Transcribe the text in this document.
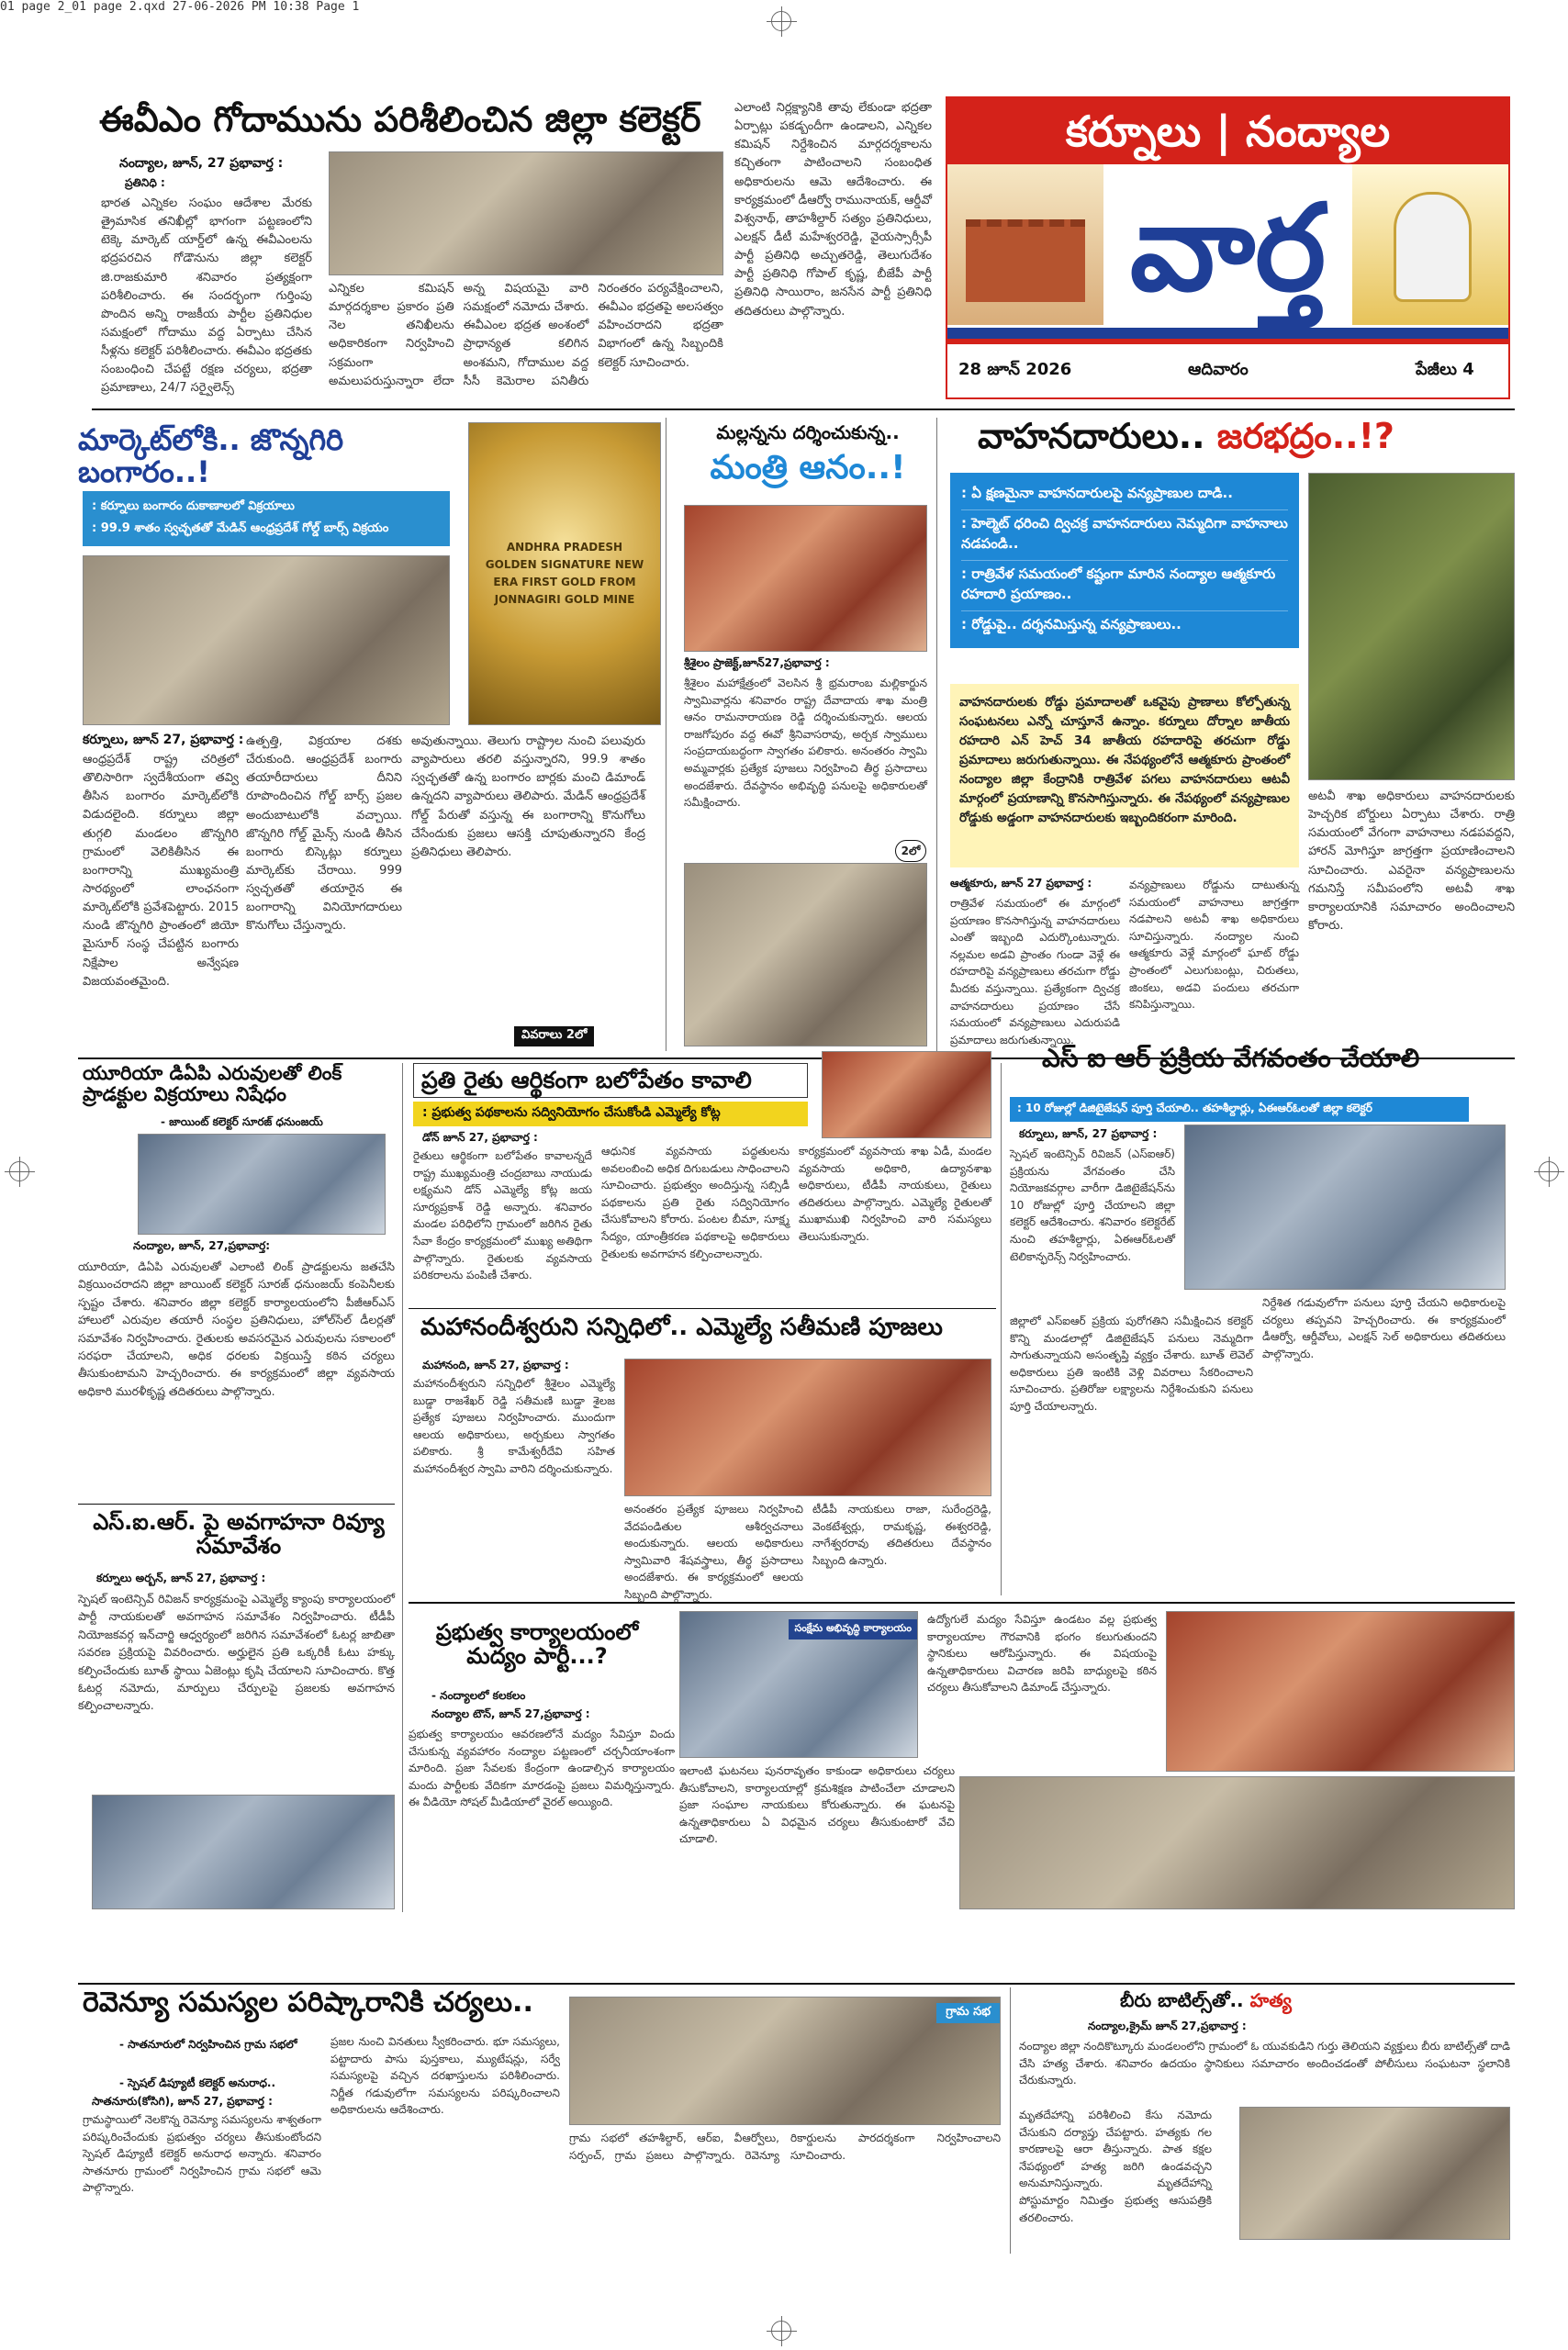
01 page 2_01 page 2.qxd 27-06-2026 PM 10:38 Page 1
కర్నూలు | నంద్యాల
వార్త
28 జూన్ 2026	ఆదివారం	పేజీలు 4
ఈవీఎం గోదామును పరిశీలించిన జిల్లా కలెక్టర్
నంద్యాల, జూన్, 27 ప్రభావార్త :
ప్రతినిధి :
భారత ఎన్నికల సంఘం ఆదేశాల మేరకు త్రైమాసిక తనిఖీల్లో భాగంగా పట్టణంలోని టెక్కె మార్కెట్ యార్డ్‌లో ఉన్న ఈవీఎంలను భద్రపరచిన గోడౌనును జిల్లా కలెక్టర్ జి.రాజకుమారి శనివారం ప్రత్యక్షంగా పరిశీలించారు. ఈ సందర్భంగా గుర్తింపు పొందిన అన్ని రాజకీయ పార్టీల ప్రతినిధుల సమక్షంలో గోదాము వద్ద ఏర్పాటు చేసిన సీళ్లను కలెక్టర్ పరిశీలించారు. ఈవీఎం భద్రతకు సంబంధించి చేపట్టే రక్షణ చర్యలు, భద్రతా ప్రమాణాలు, 24/7 సర్వైలెన్స్
ఎన్నికల కమిషన్ మార్గదర్శకాల ప్రకారం ప్రతి నెల తనిఖీలను అధికారికంగా నిర్వహించి సక్రమంగా అమలుపరుస్తున్నారా లేదా అన్న విషయమై వారి సమక్షంలో నమోదు చేశారు. ఈవీఎంల భద్రత అంశంలో ప్రాధాన్యత కలిగిన అంశమని, గోదాముల వద్ద సీసీ కెమెరాల పనితీరు నిరంతరం పర్యవేక్షించాలని, ఈవీఎం భద్రతపై అలసత్వం వహించరాదని భద్రతా విభాగంలో ఉన్న సిబ్బందికి కలెక్టర్ సూచించారు.
ఎలాంటి నిర్లక్ష్యానికి తావు లేకుండా భద్రతా ఏర్పాట్లు పకడ్బందీగా ఉండాలని, ఎన్నికల కమిషన్ నిర్దేశించిన మార్గదర్శకాలను కచ్చితంగా పాటించాలని సంబంధిత అధికారులను ఆమె ఆదేశించారు. ఈ కార్యక్రమంలో డీఆర్వో రామునాయక్, ఆర్డీవో విశ్వనాథ్, తాహశీల్దార్ సత్యం ప్రతినిధులు, ఎలక్షన్ డీటీ మహేశ్వరరెడ్డి, వైయస్సార్సీపీ పార్టీ ప్రతినిధి అచ్చుతరెడ్డి, తెలుగుదేశం పార్టీ ప్రతినిధి గోపాల్ కృష్ణ, బీజేపీ పార్టీ ప్రతినిధి సాయిరాం, జనసేన పార్టీ ప్రతినిధి తదితరులు పాల్గొన్నారు.
మార్కెట్‌లోకి.. జొన్నగిరి బంగారం..!
: కర్నూలు బంగారం దుకాణాలలో విక్రయాలు
: 99.9 శాతం స్వచ్ఛతతో మేడిన్ ఆంధ్రప్రదేశ్ గోల్డ్ బార్స్ విక్రయం
ANDHRA PRADESH GOLDEN SIGNATURE NEW ERA FIRST GOLD FROM JONNAGIRI GOLD MINE
కర్నూలు, జూన్ 27, ప్రభావార్త :
ఆంధ్రప్రదేశ్ రాష్ట్ర చరిత్రలో తొలిసారిగా స్వదేశీయంగా తవ్వి తీసిన బంగారం మార్కెట్‌లోకి విడుదలైంది. కర్నూలు జిల్లా తుగ్గలి మండలం జొన్నగిరి గ్రామంలో వెలికితీసిన ఈ బంగారాన్ని ముఖ్యమంత్రి సారథ్యంలో లాంఛనంగా మార్కెట్‌లోకి ప్రవేశపెట్టారు. 2015 నుండి జొన్నగిరి ప్రాంతంలో జియో మైసూర్ సంస్థ చేపట్టిన బంగారు నిక్షేపాల అన్వేషణ విజయవంతమైంది.
ఉత్పత్తి, విక్రయాల దశకు చేరుకుంది. ఆంధ్రప్రదేశ్ బంగారు తయారీదారులు దీనిని రూపొందించిన గోల్డ్ బార్స్ ప్రజల అందుబాటులోకి వచ్చాయి. జొన్నగిరి గోల్డ్ మైన్స్ నుండి తీసిన బంగారు బిస్కెట్లు కర్నూలు మార్కెట్‌కు చేరాయి. 999 స్వచ్ఛతతో తయారైన ఈ బంగారాన్ని వినియోగదారులు కొనుగోలు చేస్తున్నారు.
అవుతున్నాయి. తెలుగు రాష్ట్రాల నుంచి పలువురు వ్యాపారులు తరలి వస్తున్నారని, 99.9 శాతం స్వచ్ఛతతో ఉన్న బంగారం బార్లకు మంచి డిమాండ్ ఉన్నదని వ్యాపారులు తెలిపారు. మేడిన్ ఆంధ్రప్రదేశ్ గోల్డ్ పేరుతో వస్తున్న ఈ బంగారాన్ని కొనుగోలు చేసేందుకు ప్రజలు ఆసక్తి చూపుతున్నారని కేంద్ర ప్రతినిధులు తెలిపారు.
వివరాలు 2లో
మల్లన్నను దర్శించుకున్న..
మంత్రి ఆనం..!
శ్రీశైలం ప్రాజెక్ట్,జూన్27,ప్రభావార్త :
శ్రీశైలం మహాక్షేత్రంలో వెలసిన శ్రీ భ్రమరాంబ మల్లికార్జున స్వామివార్లను శనివారం రాష్ట్ర దేవాదాయ శాఖ మంత్రి ఆనం రామనారాయణ రెడ్డి దర్శించుకున్నారు. ఆలయ రాజగోపురం వద్ద ఈవో శ్రీనివాసరావు, అర్చక స్వాములు సంప్రదాయబద్ధంగా స్వాగతం పలికారు. అనంతరం స్వామి అమ్మవార్లకు ప్రత్యేక పూజలు నిర్వహించి తీర్థ ప్రసాదాలు అందజేశారు. దేవస్థానం అభివృద్ధి పనులపై అధికారులతో సమీక్షించారు.
2లో
వాహనదారులు.. జరభద్రం..!?
: ఏ క్షణమైనా వాహనదారులపై వన్యప్రాణుల దాడి..
: హెల్మెట్ ధరించి ద్విచక్ర వాహనదారులు నెమ్మదిగా వాహనాలు నడపండి..
: రాత్రివేళ సమయంలో కష్టంగా మారిన నంద్యాల ఆత్మకూరు రహదారి ప్రయాణం..
: రోడ్డుపై.. దర్శనమిస్తున్న వన్యప్రాణులు..
వాహనదారులకు రోడ్డు ప్రమాదాలతో ఒకవైపు ప్రాణాలు కోల్పోతున్న సంఘటనలు ఎన్నో చూస్తూనే ఉన్నాం. కర్నూలు దోర్నాల జాతీయ రహదారి ఎన్ హెచ్ 34 జాతీయ రహదారిపై తరచుగా రోడ్డు ప్రమాదాలు జరుగుతున్నాయి. ఈ నేపథ్యంలోనే ఆత్మకూరు ప్రాంతంలో నంద్యాల జిల్లా కేంద్రానికి రాత్రివేళ పగలు వాహనదారులు ఆటవీ మార్గంలో ప్రయాణాన్ని కొనసాగిస్తున్నారు. ఈ నేపథ్యంలో వన్యప్రాణుల రోడ్డుకు అడ్డంగా వాహనదారులకు ఇబ్బందికరంగా మారింది.
అటవీ శాఖ అధికారులు వాహనదారులకు హెచ్చరిక బోర్డులు ఏర్పాటు చేశారు. రాత్రి సమయంలో వేగంగా వాహనాలు నడపవద్దని, హారన్ మోగిస్తూ జాగ్రత్తగా ప్రయాణించాలని సూచించారు. ఎవరైనా వన్యప్రాణులను గమనిస్తే సమీపంలోని అటవీ శాఖ కార్యాలయానికి సమాచారం అందించాలని కోరారు.
ఆత్మకూరు, జూన్ 27 ప్రభావార్త :
రాత్రివేళ సమయంలో ఈ మార్గంలో ప్రయాణం కొనసాగిస్తున్న వాహనదారులు ఎంతో ఇబ్బంది ఎదుర్కొంటున్నారు. నల్లమల అడవి ప్రాంతం గుండా వెళ్లే ఈ రహదారిపై వన్యప్రాణులు తరచుగా రోడ్డు మీదకు వస్తున్నాయి. ప్రత్యేకంగా ద్విచక్ర వాహనదారులు ప్రయాణం చేసే సమయంలో వన్యప్రాణులు ఎదురుపడి ప్రమాదాలు జరుగుతున్నాయి.
వన్యప్రాణులు రోడ్డును దాటుతున్న సమయంలో వాహనాలు జాగ్రత్తగా నడపాలని అటవీ శాఖ అధికారులు సూచిస్తున్నారు. నంద్యాల నుంచి ఆత్మకూరు వెళ్లే మార్గంలో ఘాట్ రోడ్డు ప్రాంతంలో ఎలుగుబంట్లు, చిరుతలు, జింకలు, అడవి పందులు తరచుగా కనిపిస్తున్నాయి.
యూరియా డిఏపి ఎరువులతో లింక్ ప్రాడక్టుల విక్రయాలు నిషేధం
- జాయింట్ కలెక్టర్ సూరజ్ ధనుంజయ్
నంద్యాల, జూన్, 27,ప్రభావార్త:
యూరియా, డిఏపి ఎరువులతో ఎలాంటి లింక్ ప్రాడక్టులను జతచేసి విక్రయించరాదని జిల్లా జాయింట్ కలెక్టర్ సూరజ్ ధనుంజయ్ కంపెనీలకు స్పష్టం చేశారు. శనివారం జిల్లా కలెక్టర్ కార్యాలయంలోని పీజీఆర్ఎస్ హాలులో ఎరువుల తయారీ సంస్థల ప్రతినిధులు, హోల్‌సేల్ డీలర్లతో సమావేశం నిర్వహించారు. రైతులకు అవసరమైన ఎరువులను సకాలంలో సరఫరా చేయాలని, అధిక ధరలకు విక్రయిస్తే కఠిన చర్యలు తీసుకుంటామని హెచ్చరించారు. ఈ కార్యక్రమంలో జిల్లా వ్యవసాయ అధికారి మురళీకృష్ణ తదితరులు పాల్గొన్నారు.
ఎస్.ఐ.ఆర్. పై అవగాహనా రివ్యూ సమావేశం
కర్నూలు అర్బన్, జూన్ 27, ప్రభావార్త :
స్పెషల్ ఇంటెన్సివ్ రివిజన్ కార్యక్రమంపై ఎమ్మెల్యే క్యాంపు కార్యాలయంలో పార్టీ నాయకులతో అవగాహన సమావేశం నిర్వహించారు. టీడీపీ నియోజకవర్గ ఇన్‌చార్జి ఆధ్వర్యంలో జరిగిన సమావేశంలో ఓటర్ల జాబితా సవరణ ప్రక్రియపై వివరించారు. అర్హులైన ప్రతి ఒక్కరికీ ఓటు హక్కు కల్పించేందుకు బూత్ స్థాయి ఏజెంట్లు కృషి చేయాలని సూచించారు. కొత్త ఓటర్ల నమోదు, మార్పులు చేర్పులపై ప్రజలకు అవగాహన కల్పించాలన్నారు.
ప్రతి రైతు ఆర్థికంగా బలోపేతం కావాలి
: ప్రభుత్వ పథకాలను సద్వినియోగం చేసుకోండి ఎమ్మెల్యే కోట్ల
డోన్ జూన్ 27, ప్రభావార్త :
రైతులు ఆర్థికంగా బలోపేతం కావాలన్నదే రాష్ట్ర ముఖ్యమంత్రి చంద్రబాబు నాయుడు లక్ష్యమని డోన్ ఎమ్మెల్యే కోట్ల జయ సూర్యప్రకాశ్ రెడ్డి అన్నారు. శనివారం మండల పరిధిలోని గ్రామంలో జరిగిన రైతు సేవా కేంద్రం కార్యక్రమంలో ముఖ్య అతిథిగా పాల్గొన్నారు. రైతులకు వ్యవసాయ పరికరాలను పంపిణీ చేశారు.
ఆధునిక వ్యవసాయ పద్ధతులను అవలంబించి అధిక దిగుబడులు సాధించాలని సూచించారు. ప్రభుత్వం అందిస్తున్న సబ్సిడీ పథకాలను ప్రతి రైతు సద్వినియోగం చేసుకోవాలని కోరారు. పంటల బీమా, సూక్ష్మ సేద్యం, యాంత్రీకరణ పథకాలపై అధికారులు రైతులకు అవగాహన కల్పించాలన్నారు.
కార్యక్రమంలో వ్యవసాయ శాఖ ఏడీ, మండల వ్యవసాయ అధికారి, ఉద్యానశాఖ అధికారులు, టీడీపీ నాయకులు, రైతులు తదితరులు పాల్గొన్నారు. ఎమ్మెల్యే రైతులతో ముఖాముఖి నిర్వహించి వారి సమస్యలు తెలుసుకున్నారు.
మహానందీశ్వరుని సన్నిధిలో.. ఎమ్మెల్యే సతీమణి పూజలు
మహానంది, జూన్ 27, ప్రభావార్త :
మహానందీశ్వరుని సన్నిధిలో శ్రీశైలం ఎమ్మెల్యే బుడ్డా రాజశేఖర్ రెడ్డి సతీమణి బుడ్డా శైలజ ప్రత్యేక పూజలు నిర్వహించారు. ముందుగా ఆలయ అధికారులు, అర్చకులు స్వాగతం పలికారు. శ్రీ కామేశ్వరీదేవి సహిత మహానందీశ్వర స్వామి వారిని దర్శించుకున్నారు.
అనంతరం ప్రత్యేక పూజలు నిర్వహించి వేదపండితుల ఆశీర్వచనాలు అందుకున్నారు. ఆలయ అధికారులు స్వామివారి శేషవస్త్రాలు, తీర్థ ప్రసాదాలు అందజేశారు. ఈ కార్యక్రమంలో ఆలయ సిబ్బంది పాల్గొన్నారు.
టీడీపీ నాయకులు రాజా, సురేంద్రరెడ్డి, వెంకటేశ్వర్లు, రామకృష్ణ, ఈశ్వరరెడ్డి, నాగేశ్వరరావు తదితరులు దేవస్థానం సిబ్బంది ఉన్నారు.
ఎస్ ఐ ఆర్ ప్రక్రియ వేగవంతం చేయాలి
: 10 రోజుల్లో డిజిటైజేషన్ పూర్తి చేయాలి.. తహశీల్దార్లు, ఏఈఆర్‌ఓలతో జిల్లా కలెక్టర్
కర్నూలు, జూన్, 27 ప్రభావార్త :
స్పెషల్ ఇంటెన్సివ్ రివిజన్ (ఎస్ఐఆర్) ప్రక్రియను వేగవంతం చేసి నియోజకవర్గాల వారీగా డిజిటైజేషన్‌ను 10 రోజుల్లో పూర్తి చేయాలని జిల్లా కలెక్టర్ ఆదేశించారు. శనివారం కలెక్టరేట్ నుంచి తహశీల్దార్లు, ఏఈఆర్‌ఓలతో టెలికాన్ఫరెన్స్ నిర్వహించారు.
జిల్లాలో ఎస్ఐఆర్ ప్రక్రియ పురోగతిని సమీక్షించిన కలెక్టర్ కొన్ని మండలాల్లో డిజిటైజేషన్ పనులు నెమ్మదిగా సాగుతున్నాయని అసంతృప్తి వ్యక్తం చేశారు. బూత్ లెవెల్ అధికారులు ప్రతి ఇంటికి వెళ్లి వివరాలు సేకరించాలని సూచించారు. ప్రతిరోజు లక్ష్యాలను నిర్దేశించుకుని పనులు పూర్తి చేయాలన్నారు.
నిర్దేశిత గడువులోగా పనులు పూర్తి చేయని అధికారులపై చర్యలు తప్పవని హెచ్చరించారు. ఈ కార్యక్రమంలో డీఆర్వో, ఆర్డీవోలు, ఎలక్షన్ సెల్ అధికారులు తదితరులు పాల్గొన్నారు.
ప్రభుత్వ కార్యాలయంలో మద్యం పార్టీ...?
- నంద్యాలలో కలకలం
నంద్యాల టౌన్, జూన్ 27,ప్రభావార్త :
సంక్షేమ అభివృద్ధి కార్యాలయం
ప్రభుత్వ కార్యాలయం ఆవరణలోనే మద్యం సేవిస్తూ విందు చేసుకున్న వ్యవహారం నంద్యాల పట్టణంలో చర్చనీయాంశంగా మారింది. ప్రజా సేవలకు కేంద్రంగా ఉండాల్సిన కార్యాలయం మందు పార్టీలకు వేదికగా మారడంపై ప్రజలు విమర్శిస్తున్నారు. ఈ వీడియో సోషల్ మీడియాలో వైరల్ అయ్యింది.
ఉద్యోగులే మద్యం సేవిస్తూ ఉండటం వల్ల ప్రభుత్వ కార్యాలయాల గౌరవానికి భంగం కలుగుతుందని స్థానికులు ఆరోపిస్తున్నారు. ఈ విషయంపై ఉన్నతాధికారులు విచారణ జరిపి బాధ్యులపై కఠిన చర్యలు తీసుకోవాలని డిమాండ్ చేస్తున్నారు.
ఇలాంటి ఘటనలు పునరావృతం కాకుండా అధికారులు చర్యలు తీసుకోవాలని, కార్యాలయాల్లో క్రమశిక్షణ పాటించేలా చూడాలని ప్రజా సంఘాల నాయకులు కోరుతున్నారు. ఈ ఘటనపై ఉన్నతాధికారులు ఏ విధమైన చర్యలు తీసుకుంటారో వేచి చూడాలి.
రెవెన్యూ సమస్యల పరిష్కారానికి చర్యలు..
- సాతనూరులో నిర్వహించిన గ్రామ సభలో
- స్పెషల్ డిప్యూటీ కలెక్టర్ అనురాధ..
సాతనూరు(కోసిగి), జూన్ 27, ప్రభావార్త :
గ్రామస్థాయిలో నెలకొన్న రెవెన్యూ సమస్యలను శాశ్వతంగా పరిష్కరించేందుకు ప్రభుత్వం చర్యలు తీసుకుంటోందని స్పెషల్ డిప్యూటీ కలెక్టర్ అనురాధ అన్నారు. శనివారం సాతనూరు గ్రామంలో నిర్వహించిన గ్రామ సభలో ఆమె పాల్గొన్నారు.
ప్రజల నుంచి వినతులు స్వీకరించారు. భూ సమస్యలు, పట్టాదారు పాసు పుస్తకాలు, మ్యుటేషన్లు, సర్వే సమస్యలపై వచ్చిన దరఖాస్తులను పరిశీలించారు. నిర్ణీత గడువులోగా సమస్యలను పరిష్కరించాలని అధికారులను ఆదేశించారు.
గ్రామ సభ
గ్రామ సభలో తహశీల్దార్, ఆర్ఐ, వీఆర్వోలు, సర్పంచ్, గ్రామ ప్రజలు పాల్గొన్నారు. రెవెన్యూ రికార్డులను పారదర్శకంగా నిర్వహించాలని సూచించారు.
బీరు బాటిల్స్‌తో.. హత్య
నంద్యాల,క్రైమ్ జూన్ 27,ప్రభావార్త :
నంద్యాల జిల్లా నందికొట్కూరు మండలంలోని గ్రామంలో ఓ యువకుడిని గుర్తు తెలియని వ్యక్తులు బీరు బాటిల్స్‌తో దాడి చేసి హత్య చేశారు. శనివారం ఉదయం స్థానికులు సమాచారం అందించడంతో పోలీసులు సంఘటనా స్థలానికి చేరుకున్నారు.
మృతదేహాన్ని పరిశీలించి కేసు నమోదు చేసుకుని దర్యాప్తు చేపట్టారు. హత్యకు గల కారణాలపై ఆరా తీస్తున్నారు. పాత కక్షల నేపథ్యంలో హత్య జరిగి ఉండవచ్చని అనుమానిస్తున్నారు. మృతదేహాన్ని పోస్టుమార్టం నిమిత్తం ప్రభుత్వ ఆసుపత్రికి తరలించారు.
